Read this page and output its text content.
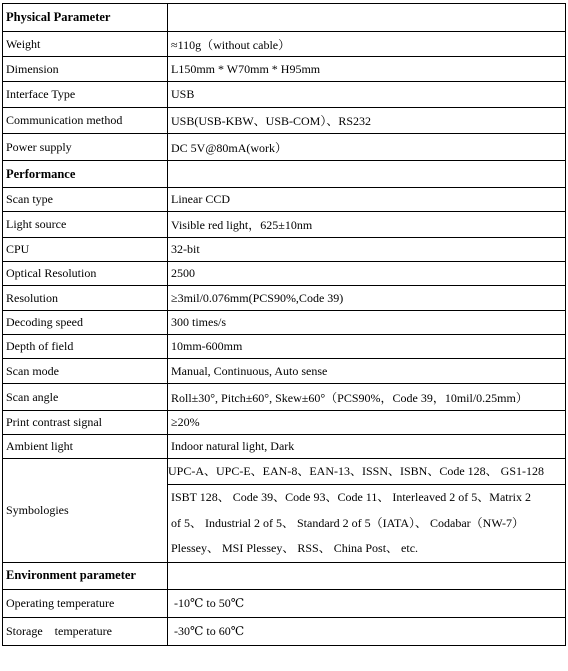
Physical Parameter	
Weight	≈110g（without cable）
Dimension	L150mm * W70mm * H95mm
Interface Type	USB
Communication method	USB(USB-KBW、USB-COM）、RS232
Power supply	DC 5V@80mA(work）
Performance	
Scan type	Linear CCD
Light source	Visible red light，625±10nm
CPU	32-bit
Optical Resolution	2500
Resolution	≥3mil/0.076mm(PCS90%,Code 39)
Decoding speed	300 times/s
Depth of field	10mm-600mm
Scan mode	Manual, Continuous, Auto sense
Scan angle	Roll±30°, Pitch±60°, Skew±60°（PCS90%，Code 39，10mil/0.25mm）
Print contrast signal	≥20%
Ambient light	Indoor natural light, Dark
Symbologies	UPC-A、UPC-E、EAN-8、EAN-13、ISSN、ISBN、Code 128、 GS1-128
ISBT 128、 Code 39、Code 93、Code 11、 Interleaved 2 of 5、Matrix 2
of 5、 Industrial 2 of 5、 Standard 2 of 5（IATA）、 Codabar（NW-7）
Plessey、 MSI Plessey、 RSS、 China Post、 etc.

Environment parameter	
Operating temperature	-10℃ to 50℃
Storage    temperature	-30℃ to 60℃
